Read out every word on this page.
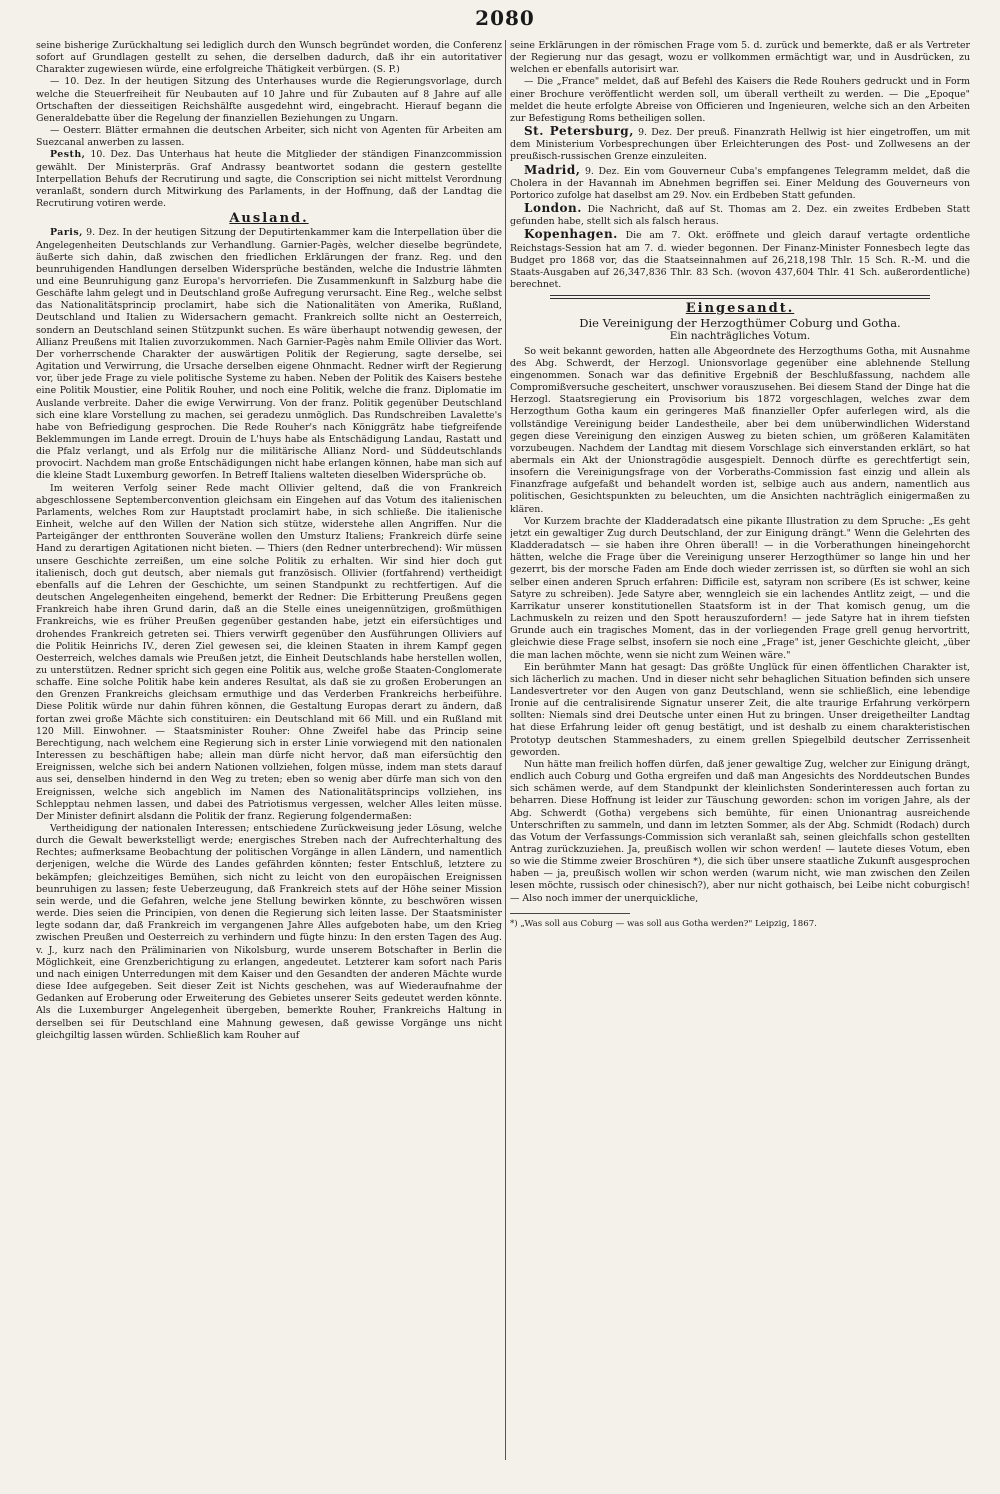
2080

seine bisherige Zurückhaltung sei lediglich durch den Wunsch begründet worden, die Conferenz sofort auf Grundlagen gestellt zu sehen, die derselben dadurch, daß ihr ein autoritativer Charakter zugewiesen würde, eine erfolgreiche Thätigkeit verbürgen. (S. P.)

— 10. Dez. In der heutigen Sitzung des Unterhauses wurde die Regierungsvorlage, durch welche die Steuerfreiheit für Neubauten auf 10 Jahre und für Zubauten auf 8 Jahre auf alle Ortschaften der diesseitigen Reichshälfte ausgedehnt wird, eingebracht. Hierauf begann die Generaldebatte über die Regelung der finanziellen Beziehungen zu Ungarn.

— Oesterr. Blätter ermahnen die deutschen Arbeiter, sich nicht von Agenten für Arbeiten am Suezcanal anwerben zu lassen.

Pesth, 10. Dez. Das Unterhaus hat heute die Mitglieder der ständigen Finanzcommission gewählt. Der Ministerpräs. Graf Andrassy beantwortet sodann die gestern gestellte Interpellation Behufs der Recrutirung und sagte, die Conscription sei nicht mittelst Verordnung veranlaßt, sondern durch Mitwirkung des Parlaments, in der Hoffnung, daß der Landtag die Recrutirung votiren werde.

Ausland.

Paris, 9. Dez. In der heutigen Sitzung der Deputirtenkammer kam die Interpellation über die Angelegenheiten Deutschlands zur Verhandlung. Garnier-Pagès, welcher dieselbe begründete, äußerte sich dahin, daß zwischen den friedlichen Erklärungen der franz. Reg. und den beunruhigenden Handlungen derselben Widersprüche beständen, welche die Industrie lähmten und eine Beunruhigung ganz Europa's hervorriefen. Die Zusammenkunft in Salzburg habe die Geschäfte lahm gelegt und in Deutschland große Aufregung verursacht. Eine Reg., welche selbst das Nationalitätsprincip proclamirt, habe sich die Nationalitäten von Amerika, Rußland, Deutschland und Italien zu Widersachern gemacht. Frankreich sollte nicht an Oesterreich, sondern an Deutschland seinen Stützpunkt suchen. Es wäre überhaupt notwendig gewesen, der Allianz Preußens mit Italien zuvorzukommen. Nach Garnier-Pagès nahm Emile Ollivier das Wort. Der vorherrschende Charakter der auswärtigen Politik der Regierung, sagte derselbe, sei Agitation und Verwirrung, die Ursache derselben eigene Ohnmacht. Redner wirft der Regierung vor, über jede Frage zu viele politische Systeme zu haben. Neben der Politik des Kaisers bestehe eine Politik Moustier, eine Politik Rouher, und noch eine Politik, welche die franz. Diplomatie im Auslande verbreite. Daher die ewige Verwirrung. Von der franz. Politik gegenüber Deutschland sich eine klare Vorstellung zu machen, sei geradezu unmöglich. Das Rundschreiben Lavalette's habe von Befriedigung gesprochen. Die Rede Rouher's nach Königgrätz habe tiefgreifende Beklemmungen im Lande erregt. Drouin de L'huys habe als Entschädigung Landau, Rastatt und die Pfalz verlangt, und als Erfolg nur die militärische Allianz Nord- und Süddeutschlands provocirt. Nachdem man große Entschädigungen nicht habe erlangen können, habe man sich auf die kleine Stadt Luxemburg geworfen. In Betreff Italiens walteten dieselben Widersprüche ob.

Im weiteren Verfolg seiner Rede macht Ollivier geltend, daß die von Frankreich abgeschlossene Septemberconvention gleichsam ein Eingehen auf das Votum des italienischen Parlaments, welches Rom zur Hauptstadt proclamirt habe, in sich schließe. Die italienische Einheit, welche auf den Willen der Nation sich stütze, widerstehe allen Angriffen. Nur die Parteigänger der entthronten Souveräne wollen den Umsturz Italiens; Frankreich dürfe seine Hand zu derartigen Agitationen nicht bieten. — Thiers (den Redner unterbrechend): Wir müssen unsere Geschichte zerreißen, um eine solche Politik zu erhalten. Wir sind hier doch gut italienisch, doch gut deutsch, aber niemals gut französisch. Ollivier (fortfahrend) vertheidigt ebenfalls auf die Lehren der Geschichte, um seinen Standpunkt zu rechtfertigen. Auf die deutschen Angelegenheiten eingehend, bemerkt der Redner: Die Erbitterung Preußens gegen Frankreich habe ihren Grund darin, daß an die Stelle eines uneigennützigen, großmüthigen Frankreichs, wie es früher Preußen gegenüber gestanden habe, jetzt ein eifersüchtiges und drohendes Frankreich getreten sei. Thiers verwirft gegenüber den Ausführungen Olliviers auf die Politik Heinrichs IV., deren Ziel gewesen sei, die kleinen Staaten in ihrem Kampf gegen Oesterreich, welches damals wie Preußen jetzt, die Einheit Deutschlands habe herstellen wollen, zu unterstützen. Redner spricht sich gegen eine Politik aus, welche große Staaten-Conglomerate schaffe. Eine solche Politik habe kein anderes Resultat, als daß sie zu großen Eroberungen an den Grenzen Frankreichs gleichsam ermuthige und das Verderben Frankreichs herbeiführe. Diese Politik würde nur dahin führen können, die Gestaltung Europas derart zu ändern, daß fortan zwei große Mächte sich constituiren: ein Deutschland mit 66 Mill. und ein Rußland mit 120 Mill. Einwohner. — Staatsminister Rouher: Ohne Zweifel habe das Princip seine Berechtigung, nach welchem eine Regierung sich in erster Linie vorwiegend mit den nationalen Interessen zu beschäftigen habe; allein man dürfe nicht hervor, daß man eifersüchtig den Ereignissen, welche sich bei andern Nationen vollziehen, folgen müsse, indem man stets darauf aus sei, denselben hindernd in den Weg zu treten; eben so wenig aber dürfe man sich von den Ereignissen, welche sich angeblich im Namen des Nationalitätsprincips vollziehen, ins Schlepptau nehmen lassen, und dabei des Patriotismus vergessen, welcher Alles leiten müsse. Der Minister definirt alsdann die Politik der franz. Regierung folgendermaßen:

Vertheidigung der nationalen Interessen; entschiedene Zurückweisung jeder Lösung, welche durch die Gewalt bewerkstelligt werde; energisches Streben nach der Aufrechterhaltung des Rechtes; aufmerksame Beobachtung der politischen Vorgänge in allen Ländern, und namentlich derjenigen, welche die Würde des Landes gefährden könnten; fester Entschluß, letztere zu bekämpfen; gleichzeitiges Bemühen, sich nicht zu leicht von den europäischen Ereignissen beunruhigen zu lassen; feste Ueberzeugung, daß Frankreich stets auf der Höhe seiner Mission sein werde, und die Gefahren, welche jene Stellung bewirken könnte, zu beschwören wissen werde. Dies seien die Principien, von denen die Regierung sich leiten lasse. Der Staatsminister legte sodann dar, daß Frankreich im vergangenen Jahre Alles aufgeboten habe, um den Krieg zwischen Preußen und Oesterreich zu verhindern und fügte hinzu: In den ersten Tagen des Aug. v. J., kurz nach den Präliminarien von Nikolsburg, wurde unserem Botschafter in Berlin die Möglichkeit, eine Grenzberichtigung zu erlangen, angedeutet. Letzterer kam sofort nach Paris und nach einigen Unterredungen mit dem Kaiser und den Gesandten der anderen Mächte wurde diese Idee aufgegeben. Seit dieser Zeit ist Nichts geschehen, was auf Wiederaufnahme der Gedanken auf Eroberung oder Erweiterung des Gebietes unserer Seits gedeutet werden könnte. Als die Luxemburger Angelegenheit übergeben, bemerkte Rouher, Frankreichs Haltung in derselben sei für Deutschland eine Mahnung gewesen, daß gewisse Vorgänge uns nicht gleichgiltig lassen würden. Schließlich kam Rouher auf

seine Erklärungen in der römischen Frage vom 5. d. zurück und bemerkte, daß er als Vertreter der Regierung nur das gesagt, wozu er vollkommen ermächtigt war, und in Ausdrücken, zu welchen er ebenfalls autorisirt war.

— Die „France" meldet, daß auf Befehl des Kaisers die Rede Rouhers gedruckt und in Form einer Brochure veröffentlicht werden soll, um überall vertheilt zu werden. — Die „Epoque" meldet die heute erfolgte Abreise von Officieren und Ingenieuren, welche sich an den Arbeiten zur Befestigung Roms betheiligen sollen.

St. Petersburg, 9. Dez. Der preuß. Finanzrath Hellwig ist hier eingetroffen, um mit dem Ministerium Vorbesprechungen über Erleichterungen des Post- und Zollwesens an der preußisch-russischen Grenze einzuleiten.

Madrid, 9. Dez. Ein vom Gouverneur Cuba's empfangenes Telegramm meldet, daß die Cholera in der Havannah im Abnehmen begriffen sei. Einer Meldung des Gouverneurs von Portorico zufolge hat daselbst am 29. Nov. ein Erdbeben Statt gefunden.

London. Die Nachricht, daß auf St. Thomas am 2. Dez. ein zweites Erdbeben Statt gefunden habe, stellt sich als falsch heraus.

Kopenhagen. Die am 7. Okt. eröffnete und gleich darauf vertagte ordentliche Reichstags-Session hat am 7. d. wieder begonnen. Der Finanz-Minister Fonnesbech legte das Budget pro 1868 vor, das die Staatseinnahmen auf 26,218,198 Thlr. 15 Sch. R.-M. und die Staats-Ausgaben auf 26,347,836 Thlr. 83 Sch. (wovon 437,604 Thlr. 41 Sch. außerordentliche) berechnet.

Eingesandt.
Die Vereinigung der Herzogthümer Coburg und Gotha.
Ein nachträgliches Votum.

So weit bekannt geworden, hatten alle Abgeordnete des Herzogthums Gotha, mit Ausnahme des Abg. Schwerdt, der Herzogl. Unionsvorlage gegenüber eine ablehnende Stellung eingenommen. Sonach war das definitive Ergebniß der Beschlußfassung, nachdem alle Compromißversuche gescheitert, unschwer vorauszusehen. Bei diesem Stand der Dinge hat die Herzogl. Staatsregierung ein Provisorium bis 1872 vorgeschlagen, welches zwar dem Herzogthum Gotha kaum ein geringeres Maß finanzieller Opfer auferlegen wird, als die vollständige Vereinigung beider Landestheile, aber bei dem unüberwindlichen Widerstand gegen diese Vereinigung den einzigen Ausweg zu bieten schien, um größeren Kalamitäten vorzubeugen. Nachdem der Landtag mit diesem Vorschlage sich einverstanden erklärt, so hat abermals ein Akt der Unionstragödie ausgespielt. Dennoch dürfte es gerechtfertigt sein, insofern die Vereinigungsfrage von der Vorberaths-Commission fast einzig und allein als Finanzfrage aufgefaßt und behandelt worden ist, selbige auch aus andern, namentlich aus politischen, Gesichtspunkten zu beleuchten, um die Ansichten nachträglich einigermaßen zu klären.

Vor Kurzem brachte der Kladderadatsch eine pikante Illustration zu dem Spruche: „Es geht jetzt ein gewaltiger Zug durch Deutschland, der zur Einigung drängt." Wenn die Gelehrten des Kladderadatsch — sie haben ihre Ohren überall! — in die Vorberathungen hineingehorcht hätten, welche die Frage über die Vereinigung unserer Herzogthümer so lange hin und her gezerrt, bis der morsche Faden am Ende doch wieder zerrissen ist, so dürften sie wohl an sich selber einen anderen Spruch erfahren: Difficile est, satyram non scribere (Es ist schwer, keine Satyre zu schreiben). Jede Satyre aber, wenngleich sie ein lachendes Antlitz zeigt, — und die Karrikatur unserer konstitutionellen Staatsform ist in der That komisch genug, um die Lachmuskeln zu reizen und den Spott herauszufordern! — jede Satyre hat in ihrem tiefsten Grunde auch ein tragisches Moment, das in der vorliegenden Frage grell genug hervortritt, gleichwie diese Frage selbst, insofern sie noch eine „Frage" ist, jener Geschichte gleicht, „über die man lachen möchte, wenn sie nicht zum Weinen wäre."

Ein berühmter Mann hat gesagt: Das größte Unglück für einen öffentlichen Charakter ist, sich lächerlich zu machen. Und in dieser nicht sehr behaglichen Situation befinden sich unsere Landesvertreter vor den Augen von ganz Deutschland, wenn sie schließlich, eine lebendige Ironie auf die centralisirende Signatur unserer Zeit, die alte traurige Erfahrung verkörpern sollten: Niemals sind drei Deutsche unter einen Hut zu bringen. Unser dreigetheilter Landtag hat diese Erfahrung leider oft genug bestätigt, und ist deshalb zu einem charakteristischen Prototyp deutschen Stammeshaders, zu einem grellen Spiegelbild deutscher Zerrissenheit geworden.

Nun hätte man freilich hoffen dürfen, daß jener gewaltige Zug, welcher zur Einigung drängt, endlich auch Coburg und Gotha ergreifen und daß man Angesichts des Norddeutschen Bundes sich schämen werde, auf dem Standpunkt der kleinlichsten Sonderinteressen auch fortan zu beharren. Diese Hoffnung ist leider zur Täuschung geworden: schon im vorigen Jahre, als der Abg. Schwerdt (Gotha) vergebens sich bemühte, für einen Unionantrag ausreichende Unterschriften zu sammeln, und dann im letzten Sommer, als der Abg. Schmidt (Rodach) durch das Votum der Verfassungs-Commission sich veranlaßt sah, seinen gleichfalls schon gestellten Antrag zurückzuziehen. Ja, preußisch wollen wir schon werden! — lautete dieses Votum, eben so wie die Stimme zweier Broschüren *), die sich über unsere staatliche Zukunft ausgesprochen haben — ja, preußisch wollen wir schon werden (warum nicht, wie man zwischen den Zeilen lesen möchte, russisch oder chinesisch?), aber nur nicht gothaisch, bei Leibe nicht coburgisch! — Also noch immer der unerquickliche,

*) „Was soll aus Coburg — was soll aus Gotha werden?" Leipzig, 1867.
